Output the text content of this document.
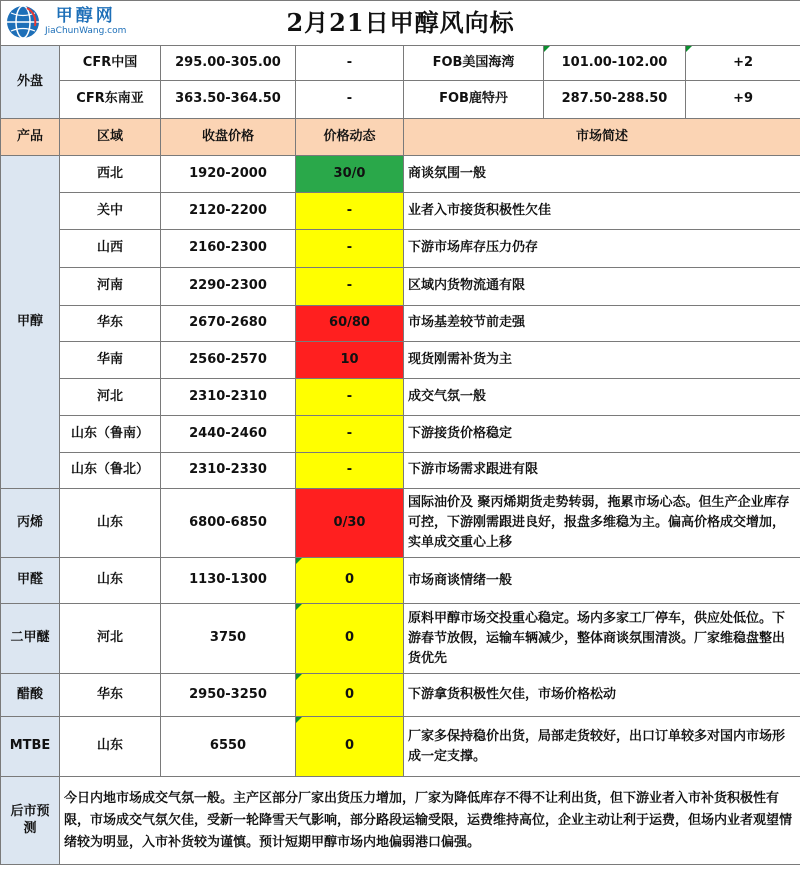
甲醇网
JiaChunWang.com 2月21日甲醇风向标						
外盘	CFR中国	295.00-305.00	-	FOB美国海湾	101.00-102.00	+2
	CFR东南亚	363.50-364.50	-	FOB鹿特丹	287.50-288.50	+9
产品	区域	收盘价格	价格动态	市场简述		
甲醇	西北	1920-2000	30/0	商谈氛围一般		
	关中	2120-2200	-	业者入市接货积极性欠佳		
	山西	2160-2300	-	下游市场库存压力仍存		
	河南	2290-2300	-	区域内货物流通有限		
	华东	2670-2680	60/80	市场基差较节前走强		
	华南	2560-2570	10	现货刚需补货为主		
	河北	2310-2310	-	成交气氛一般		
	山东（鲁南）	2440-2460	-	下游接货价格稳定		
	山东（鲁北）	2310-2330	-	下游市场需求跟进有限		
丙烯	山东	6800-6850	0/30	国际油价及 聚丙烯期货走势转弱，拖累市场心态。但生产企业库存可控，下游刚需跟进良好，报盘多维稳为主。偏高价格成交增加，实单成交重心上移		
甲醛	山东	1130-1300	0	市场商谈情绪一般		
二甲醚	河北	3750	0	原料甲醇市场交投重心稳定。场内多家工厂停车，供应处低位。下游春节放假，运输车辆减少，整体商谈氛围清淡。厂家维稳盘整出货优先		
醋酸	华东	2950-3250	0	下游拿货积极性欠佳，市场价格松动		
MTBE	山东	6550	0	厂家多保持稳价出货，局部走货较好，出口订单较多对国内市场形成一定支撑。		
后市预测	今日内地市场成交气氛一般。主产区部分厂家出货压力增加，厂家为降低库存不得不让利出货，但下游业者入市补货积极性有限，市场成交气氛欠佳，受新一轮降雪天气影响，部分路段运输受限，运费维持高位，企业主动让利于运费，但场内业者观望情绪较为明显，入市补货较为谨慎。预计短期甲醇市场内地偏弱港口偏强。					
